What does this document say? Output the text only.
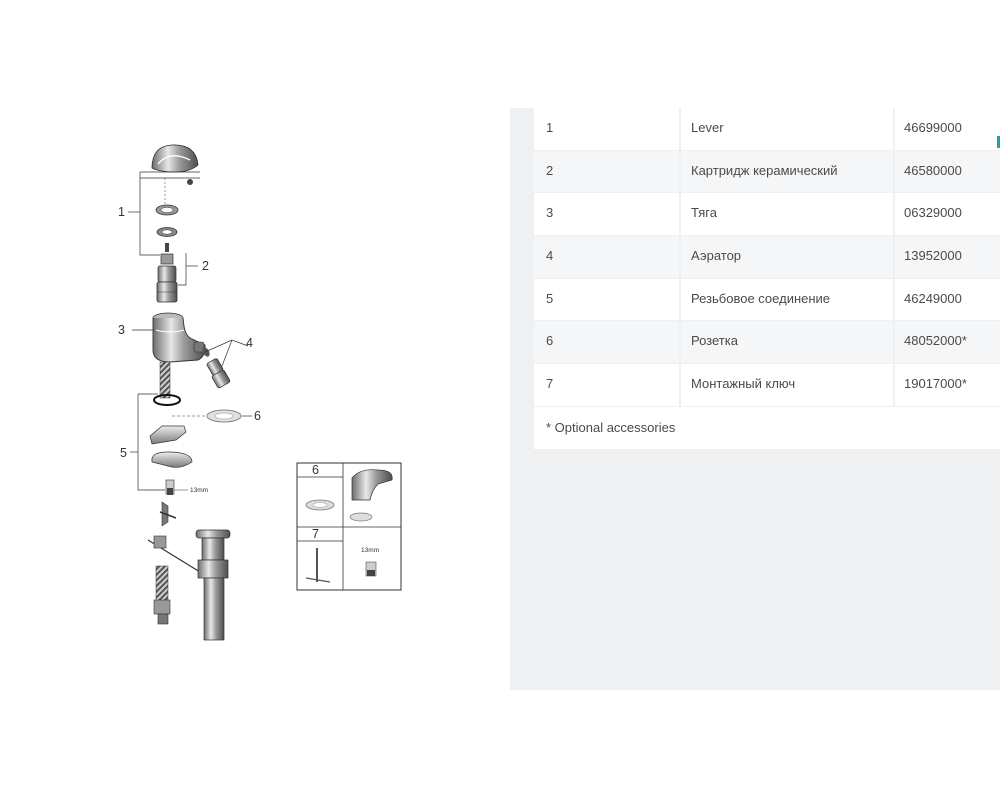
1
2
3
4
5
6
13mm
6
7
13mm
1	Lever	46699000
2	Картридж керамический	46580000
3	Тяга	06329000
4	Аэратор	13952000
5	Резьбовое соединение	46249000
6	Розетка	48052000*
7	Монтажный ключ	19017000*
* Optional accessories
